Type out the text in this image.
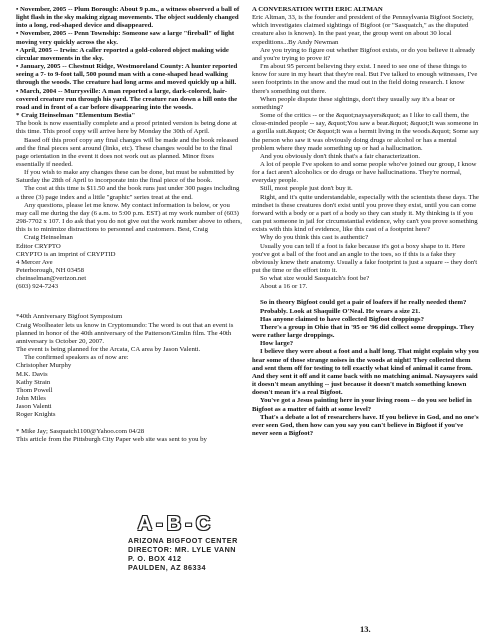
• November, 2005 -- Plum Borough: About 9 p.m., a witness observed a ball of light flash in the sky making zigzag movements. The object suddenly changed into a long, rod-shaped device and disappeared.

• November, 2005 -- Penn Township: Someone saw a large "fireball" of light moving very quickly across the sky.

• April, 2005 -- Irwin: A caller reported a gold-colored object making wide circular movements in the sky.

• January, 2005 -- Chestnut Ridge, Westmoreland County: A hunter reported seeing a 7- to 9-foot tall, 500 pound man with a cone-shaped head walking through the woods. The creature had long arms and moved quickly up a hill.

• March, 2004 -- Murrysville: A man reported a large, dark-colored, hair-covered creature run through his yard. The creature ran down a hill onto the road and in front of a car before disappearing into the woods.

* Craig Heinselman "Elementum Bestia"

The book is now essentially complete and a proof printed version is being done at this time. This proof copy will arrive here by Monday the 30th of April.

Based off this proof copy any final changes will be made and the book released and the final pieces sent around (links, etc). These changes would be to the final page orientation in the event it does not work out as planned. Minor fixes essentially if needed.

If you wish to make any changes these can be done, but must be submitted by Saturday the 28th of April to incorporate into the final piece of the book.

The cost at this time is $11.50 and the book runs just under 300 pages including a three (3) page index and a little "graphic" series treat at the end.

Any questions, please let me know. My contact information is below, or you may call me during the day (6 a.m. to 5:00 p.m. EST) at my work number of (603) 298-7702 x 107. I do ask that you do not give out the work number above to others, this is to minimize distractions to personnel and customers. Best, Craig

Craig Heinselman

Editor CRYPTO

CRYPTO is an imprint of CRYPTID

4 Mercer Ave

Peterborough, NH 03458

cheinselman@verizon.net

(603) 924-7243

*40th Anniversary Bigfoot Symposium

Craig Woolheater lets us know in Cryptomundo: The word is out that an event is planned in honor of the 40th anniversary of the Patterson/Gimlin film. The 40th anniversary is October 20, 2007.

The event is being planned for the Arcata, CA area by Jason Valenti.

The confirmed speakers as of now are:

Christopher Murphy

M.K. Davis

Kathy Strain

Thom Powell

John Miles

Jason Valenti

Roger Knights

* Mike Jay; Sasquatch1100@Yahoo.com 04/28

This article from the Pittsburgh City Paper web site was sent to you by

A-B-C
ARIZONA BIGFOOT CENTER
DIRECTOR: MR. LYLE VANN
P. O. BOX 412
PAULDEN, AZ 86334

A CONVERSATION WITH ERIC ALTMAN

Eric Altman, 33, is the founder and president of the Pennsylvania Bigfoot Society, which investigates claimed sightings of Bigfoot (or "Sasquatch," as the disputed creature also is known). In the past year, the group went on about 30 local expeditions...By Andy Newman

Are you trying to figure out whether Bigfoot exists, or do you believe it already and you're trying to prove it?

I'm about 95 percent believing they exist. I need to see one of these things to know for sure in my heart that they're real. But I've talked to enough witnesses, I've seen footprints in the snow and the mud out in the field doing research. I know there's something out there.

When people dispute these sightings, don't they usually say it's a bear or something?

Some of the critics -- or the &quot;naysayers&quot; as I like to call them, the close-minded people -- say, &quot;You saw a bear.&quot; &quot;It was someone in a gorilla suit.&quot; Or &quot;It was a hermit living in the woods.&quot; Some say the person who saw it was obviously doing drugs or alcohol or has a mental problem where they made something up or had a hallucination.

And you obviously don't think that's a fair characterization.

A lot of people I've spoken to and some people who've joined our group, I know for a fact aren't alcoholics or do drugs or have hallucinations. They're normal, everyday people.

Still, most people just don't buy it.

Right, and it's quite understandable, especially with the scientists these days. The mindset is these creatures don't exist until you prove they exist, until you can come forward with a body or a part of a body so they can study it. My thinking is if you can put someone in jail for circumstantial evidence, why can't you prove something exists with this kind of evidence, like this cast of a footprint here?

Why do you think this cast is authentic?

Usually you can tell if a foot is fake because it's got a boxy shape to it. Here you've got a ball of the foot and an angle to the toes, so if this is a fake they obviously knew their anatomy. Usually a fake footprint is just a square -- they don't put the time or the effort into it.

So what size would Sasquatch's foot be?

About a 16 or 17.

So in theory Bigfoot could get a pair of loafers if he really needed them?

Probably. Look at Shaquille O'Neal. He wears a size 21.

Has anyone claimed to have collected Bigfoot droppings?

There's a group in Ohio that in '95 or '96 did collect some droppings. They were rather large droppings.

How large?

I believe they were about a foot and a half long. That might explain why you hear some of those strange noises in the woods at night! They collected them and sent them off for testing to tell exactly what kind of animal it came from. And they sent it off and it came back with no matching animal. Naysayers said it doesn't mean anything -- just because it doesn't match something known doesn't mean it's a real Bigfoot.

You've got a Jesus painting here in your living room -- do you see belief in Bigfoot as a matter of faith at some level?

That's a debate a lot of researchers have. If you believe in God, and no one's ever seen God, then how can you say you can't believe in Bigfoot if you've never seen a Bigfoot?

13.
